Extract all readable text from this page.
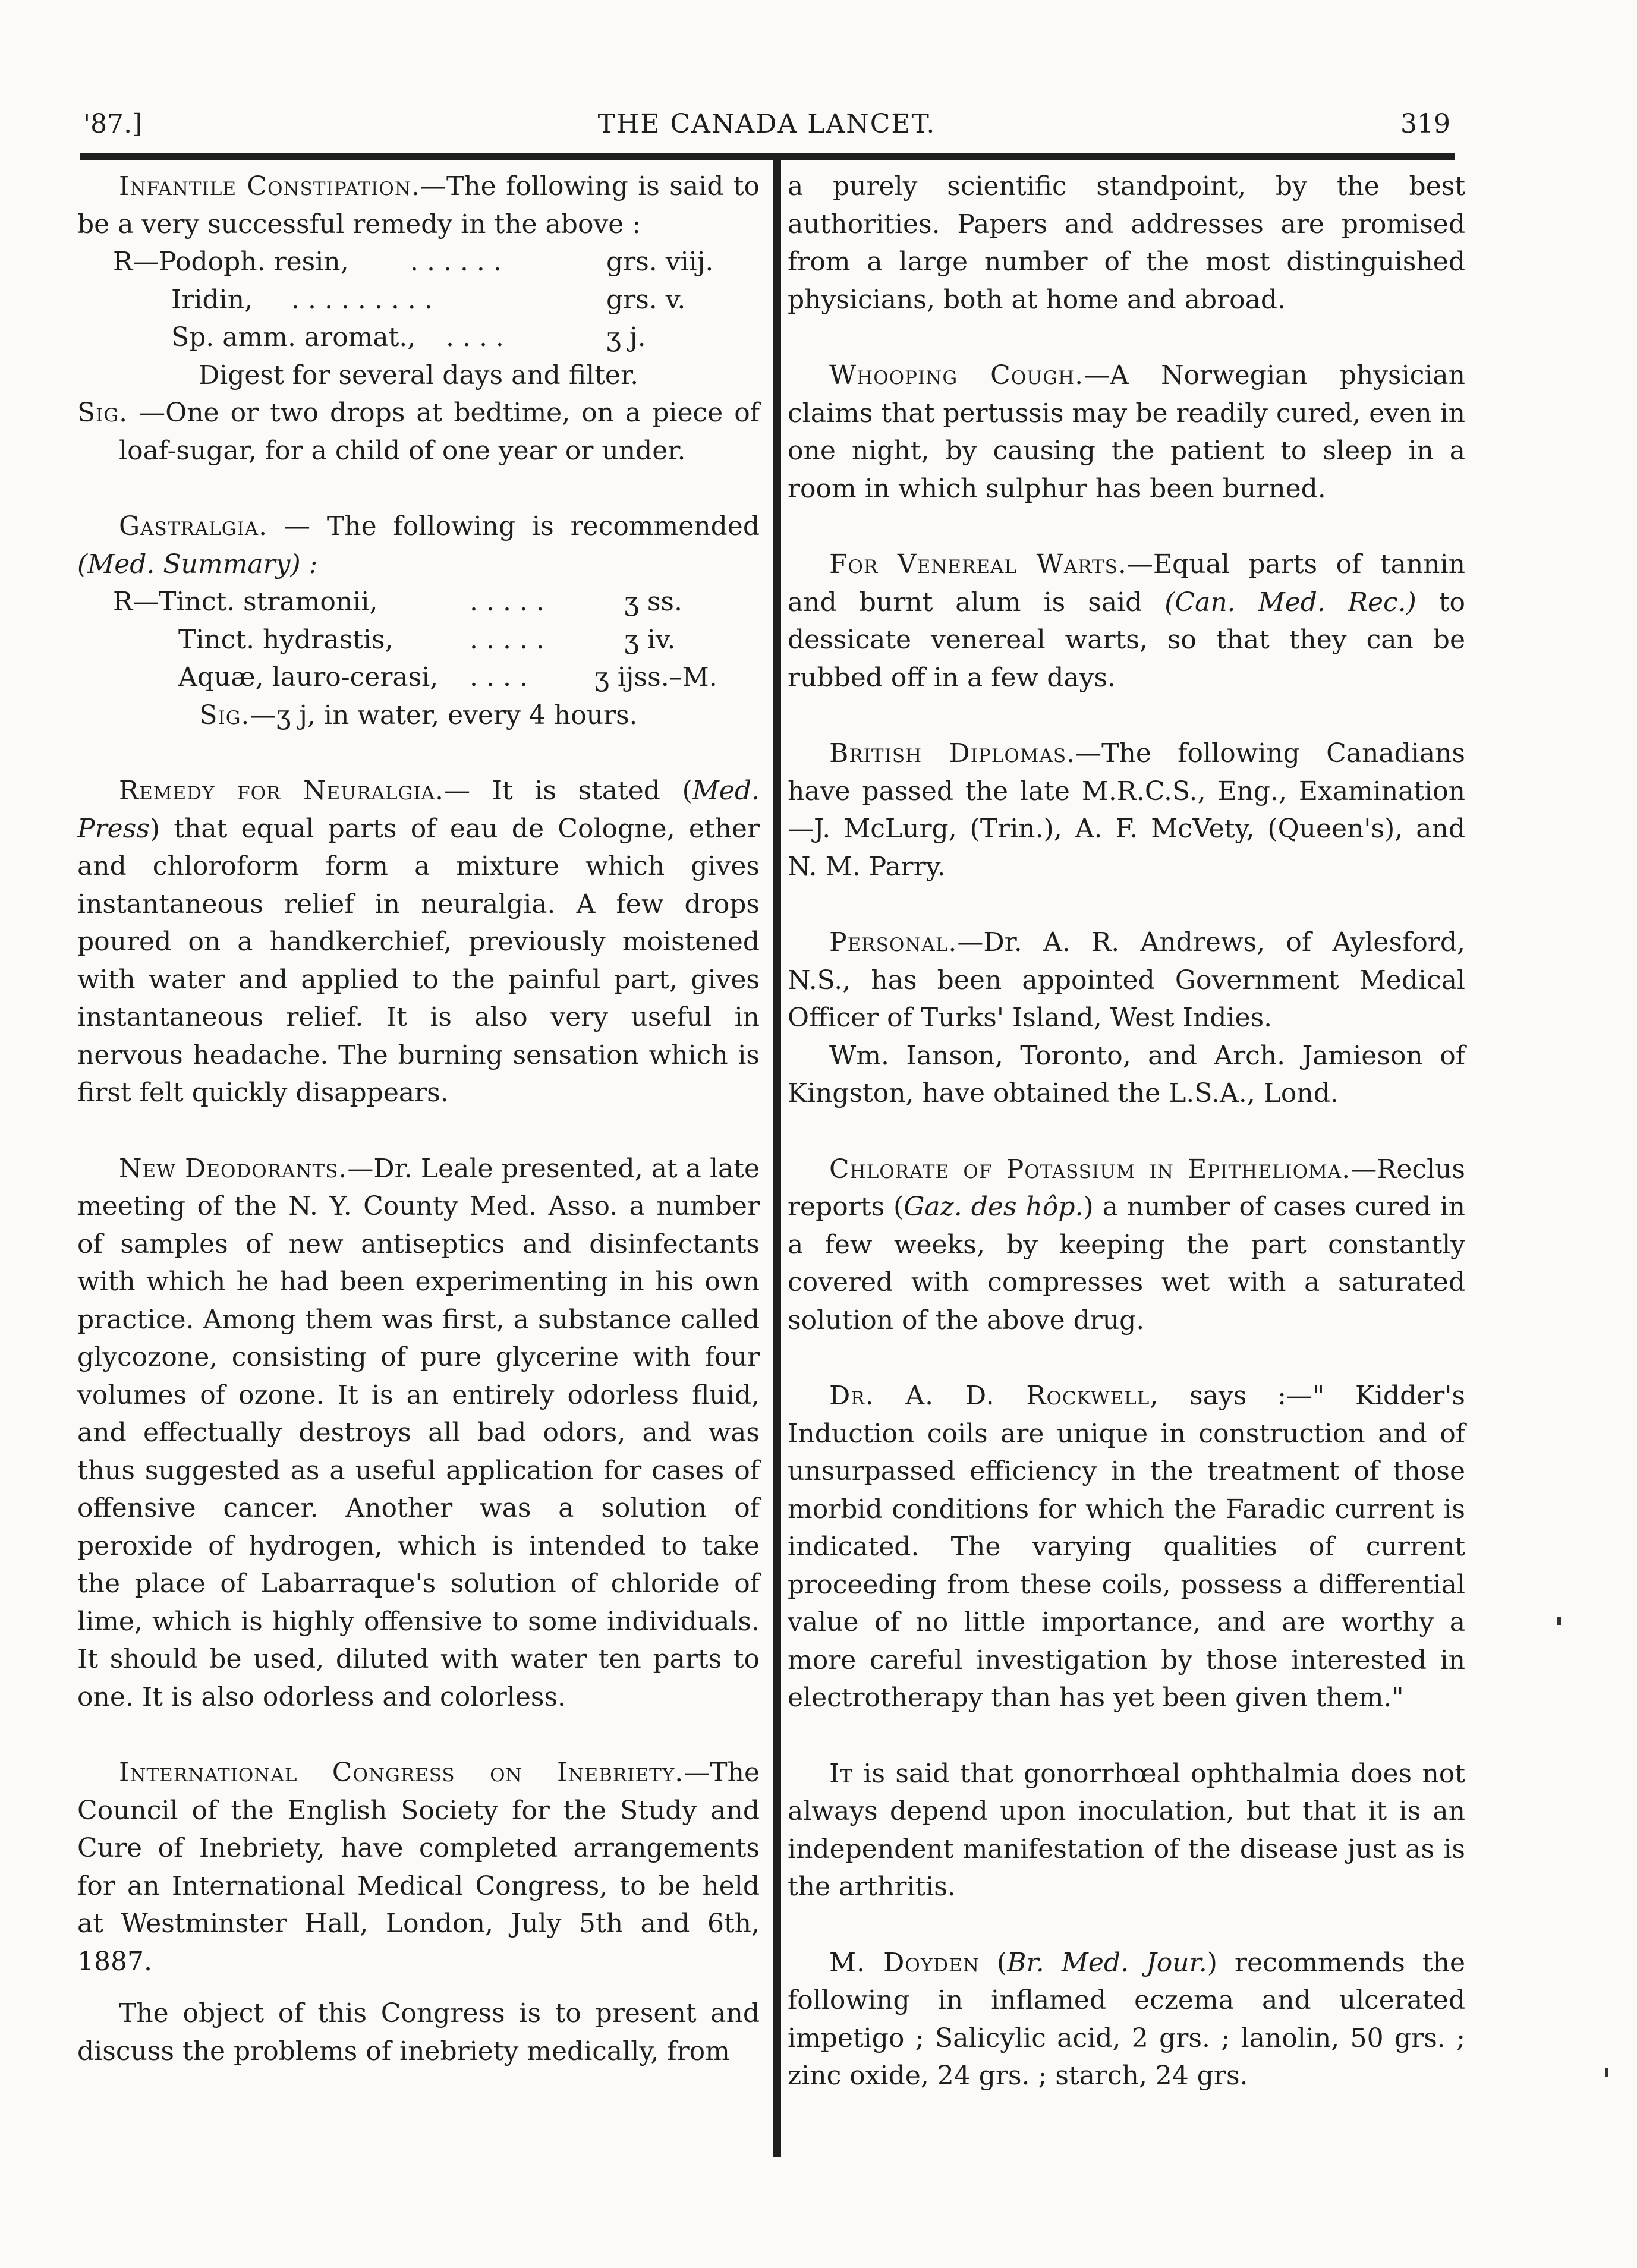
'87.]	THE CANADA LANCET.	319

Infantile Constipation.—The following is said to be a very successful remedy in the above :

R—Podoph. resin, . . . . . .	grs. viij.
Iridin, . . . . . . . . .	grs. v.
Sp. amm. aromat., . . . .	ʒ j.

Digest for several days and filter.

Sig. —One or two drops at bedtime, on a piece of loaf-sugar, for a child of one year or under.

Gastralgia. — The following is recommended (Med. Summary) :

R—Tinct. stramonii,	. . . . .	ʒ ss.
Tinct. hydrastis,	. . . . .	ʒ iv.
Aquæ, lauro-cerasi, . . . .	ʒ ijss.–M.

Sig.—ʒ j, in water, every 4 hours.

Remedy for Neuralgia.— It is stated (Med. Press) that equal parts of eau de Cologne, ether and chloroform form a mixture which gives instantaneous relief in neuralgia. A few drops poured on a handkerchief, previously moistened with water and applied to the painful part, gives instantaneous relief. It is also very useful in nervous headache. The burning sensation which is first felt quickly disappears.

New Deodorants.—Dr. Leale presented, at a late meeting of the N. Y. County Med. Asso. a number of samples of new antiseptics and disinfectants with which he had been experimenting in his own practice. Among them was first, a substance called glycozone, consisting of pure glycerine with four volumes of ozone. It is an entirely odorless fluid, and effectually destroys all bad odors, and was thus suggested as a useful application for cases of offensive cancer. Another was a solution of peroxide of hydrogen, which is intended to take the place of Labarraque's solution of chloride of lime, which is highly offensive to some individuals. It should be used, diluted with water ten parts to one. It is also odorless and colorless.

International Congress on Inebriety.—The Council of the English Society for the Study and Cure of Inebriety, have completed arrangements for an International Medical Congress, to be held at Westminster Hall, London, July 5th and 6th, 1887.

The object of this Congress is to present and discuss the problems of inebriety medically, from

a purely scientific standpoint, by the best authorities. Papers and addresses are promised from a large number of the most distinguished physicians, both at home and abroad.

Whooping Cough.—A Norwegian physician claims that pertussis may be readily cured, even in one night, by causing the patient to sleep in a room in which sulphur has been burned.

For Venereal Warts.—Equal parts of tannin and burnt alum is said (Can. Med. Rec.) to dessicate venereal warts, so that they can be rubbed off in a few days.

British Diplomas.—The following Canadians have passed the late M.R.C.S., Eng., Examination —J. McLurg, (Trin.), A. F. McVety, (Queen's), and N. M. Parry.

Personal.—Dr. A. R. Andrews, of Aylesford, N.S., has been appointed Government Medical Officer of Turks' Island, West Indies.

Wm. Ianson, Toronto, and Arch. Jamieson of Kingston, have obtained the L.S.A., Lond.

Chlorate of Potassium in Epithelioma.—Reclus reports (Gaz. des hôp.) a number of cases cured in a few weeks, by keeping the part constantly covered with compresses wet with a saturated solution of the above drug.

Dr. A. D. Rockwell, says :—" Kidder's Induction coils are unique in construction and of unsurpassed efficiency in the treatment of those morbid conditions for which the Faradic current is indicated. The varying qualities of current proceeding from these coils, possess a differential value of no little importance, and are worthy a more careful investigation by those interested in electrotherapy than has yet been given them."

It is said that gonorrhœal ophthalmia does not always depend upon inoculation, but that it is an independent manifestation of the disease just as is the arthritis.

M. Doyden (Br. Med. Jour.) recommends the following in inflamed eczema and ulcerated impetigo ; Salicylic acid, 2 grs. ; lanolin, 50 grs. ; zinc oxide, 24 grs. ; starch, 24 grs.
